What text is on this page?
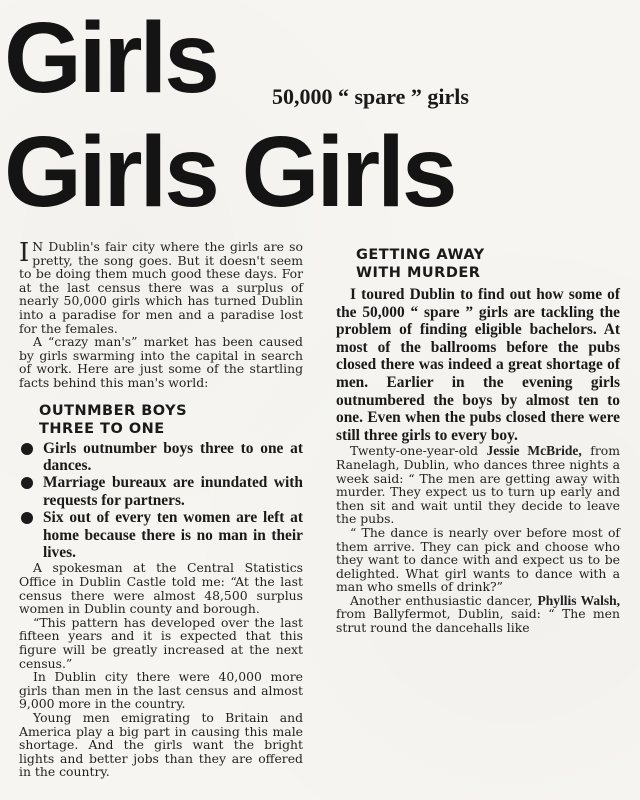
Girls	50,000 “ spare ” girls
Girls Girls

I N Dublin's fair city where the girls are so pretty, the song goes. But it doesn't seem to be doing them much good these days. For at the last census there was a surplus of nearly 50,000 girls which has turned Dublin into a paradise for men and a paradise lost for the females.

A “crazy man's” market has been caused by girls swarming into the capital in search of work. Here are just some of the startling facts behind this man's world:

OUTNMBER BOYS
THREE TO ONE
Girls outnumber boys three to one at dances.
Marriage bureaux are inundated with requests for partners.
Six out of every ten women are left at home because there is no man in their lives.

A spokesman at the Central Statistics Office in Dublin Castle told me: “At the last census there were almost 48,500 surplus women in Dublin county and borough.

“This pattern has developed over the last fifteen years and it is expected that this figure will be greatly increased at the next census.”

In Dublin city there were 40,000 more girls than men in the last census and almost 9,000 more in the country.

Young men emigrating to Britain and America play a big part in causing this male shortage. And the girls want the bright lights and better jobs than they are offered in the country.

GETTING AWAY
WITH MURDER

I toured Dublin to find out how some of the 50,000 “ spare ” girls are tackling the problem of finding eligible bachelors. At most of the ballrooms before the pubs closed there was indeed a great shortage of men. Earlier in the evening girls outnumbered the boys by almost ten to one. Even when the pubs closed there were still three girls to every boy.

Twenty-one-year-old Jessie McBride, from Ranelagh, Dublin, who dances three nights a week said: “ The men are getting away with murder. They expect us to turn up early and then sit and wait until they decide to leave the pubs.

“ The dance is nearly over before most of them arrive. They can pick and choose who they want to dance with and expect us to be delighted. What girl wants to dance with a man who smells of drink?”

Another enthusiastic dancer, Phyllis Walsh, from Ballyfermot, Dublin, said: “ The men strut round the dancehalls like
